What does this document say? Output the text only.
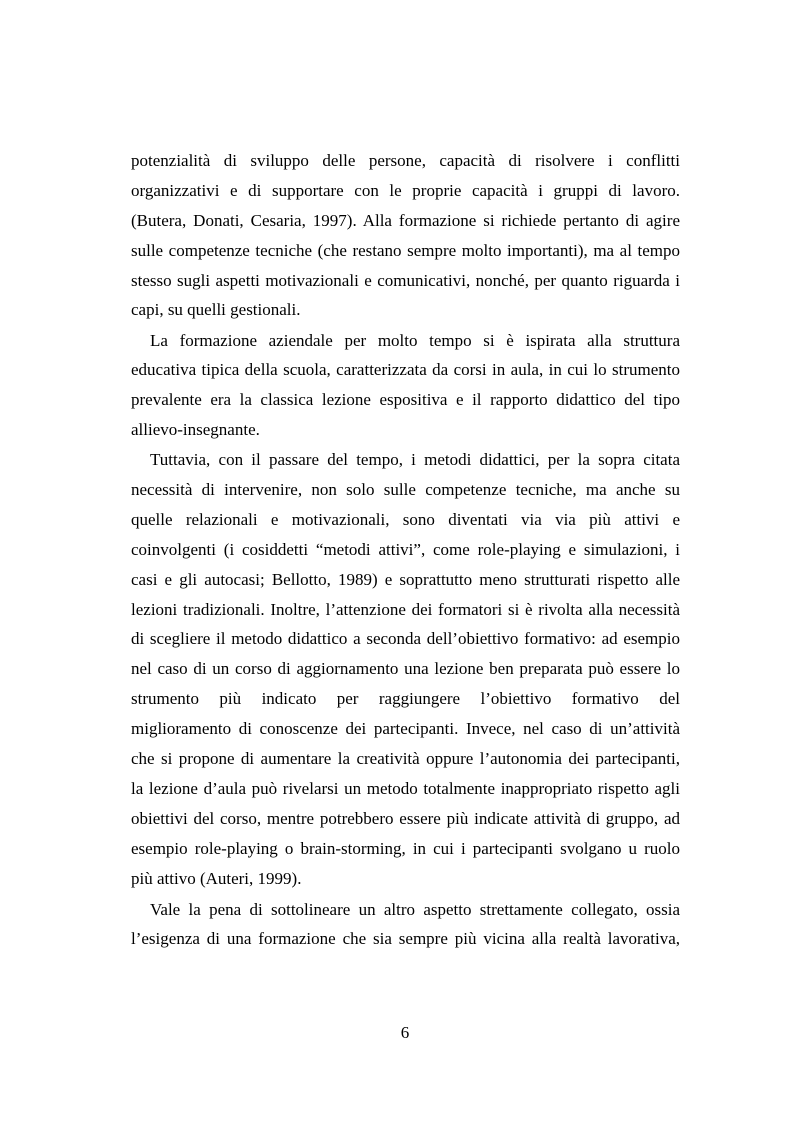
potenzialità di sviluppo delle persone, capacità di risolvere i conflitti
organizzativi e di supportare con le proprie capacità i gruppi di lavoro.
(Butera, Donati, Cesaria, 1997). Alla formazione si richiede pertanto di agire
sulle competenze tecniche (che restano sempre molto importanti), ma al tempo
stesso sugli aspetti motivazionali e comunicativi, nonché, per quanto riguarda i
capi, su quelli gestionali.
La formazione aziendale per molto tempo si è ispirata alla struttura
educativa tipica della scuola, caratterizzata da corsi in aula, in cui lo strumento
prevalente era la classica lezione espositiva e il rapporto didattico del tipo
allievo-insegnante.
Tuttavia, con il passare del tempo, i metodi didattici, per la sopra citata
necessità di intervenire, non solo sulle competenze tecniche, ma anche su
quelle relazionali e motivazionali, sono diventati via via più attivi e
coinvolgenti (i cosiddetti “metodi attivi”, come role-playing e simulazioni, i
casi e gli autocasi; Bellotto, 1989) e soprattutto meno strutturati rispetto alle
lezioni tradizionali. Inoltre, l’attenzione dei formatori si è rivolta alla necessità
di scegliere il metodo didattico a seconda dell’obiettivo formativo: ad esempio
nel caso di un corso di aggiornamento una lezione ben preparata può essere lo
strumento più indicato per raggiungere l’obiettivo formativo del
miglioramento di conoscenze dei partecipanti. Invece, nel caso di un’attività
che si propone di aumentare la creatività oppure l’autonomia dei partecipanti,
la lezione d’aula può rivelarsi un metodo totalmente inappropriato rispetto agli
obiettivi del corso, mentre potrebbero essere più indicate attività di gruppo, ad
esempio role-playing o brain-storming, in cui i partecipanti svolgano u ruolo
più attivo (Auteri, 1999).
Vale la pena di sottolineare un altro aspetto strettamente collegato, ossia
l’esigenza di una formazione che sia sempre più vicina alla realtà lavorativa,
6
